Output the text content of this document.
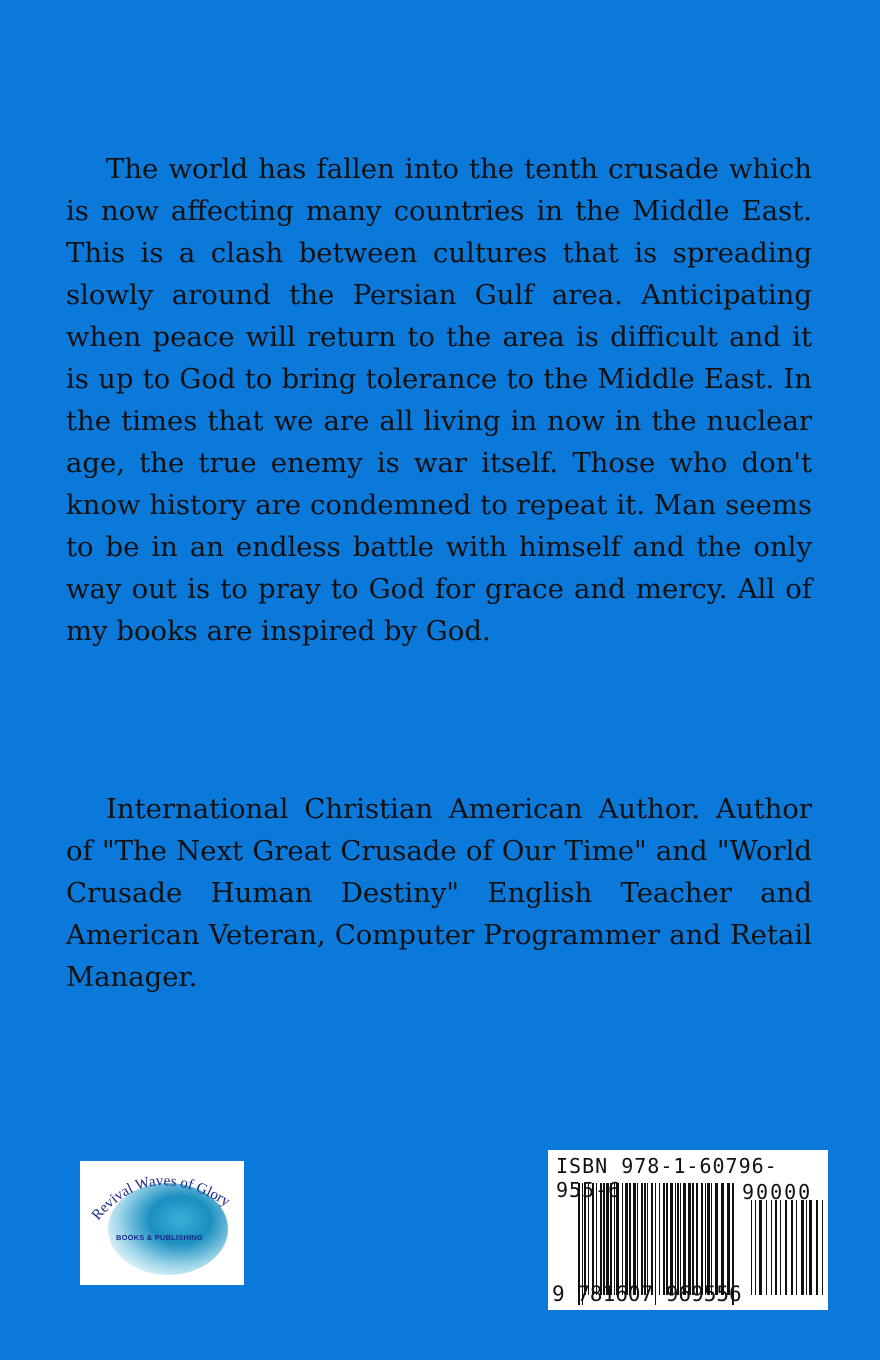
The world has fallen into the tenth crusade which is now affecting many countries in the Middle East. This is a clash between cultures that is spreading slowly around the Persian Gulf area. Anticipating when peace will return to the area is difficult and it is up to God to bring tolerance to the Middle East. In the times that we are all living in now in the nuclear age, the true enemy is war itself. Those who don't know history are condemned to repeat it. Man seems to be in an endless battle with himself and the only way out is to pray to God for grace and mercy. All of my books are inspired by God.
International Christian American Author. Author of "The Next Great Crusade of Our Time" and "World Crusade Human Destiny" English Teacher and American Veteran, Computer Programmer and Retail Manager.
Revival Waves of Glory
BOOKS & PUBLISHING
ISBN 978-1-60796-955-6	90000
9 781607 969556
